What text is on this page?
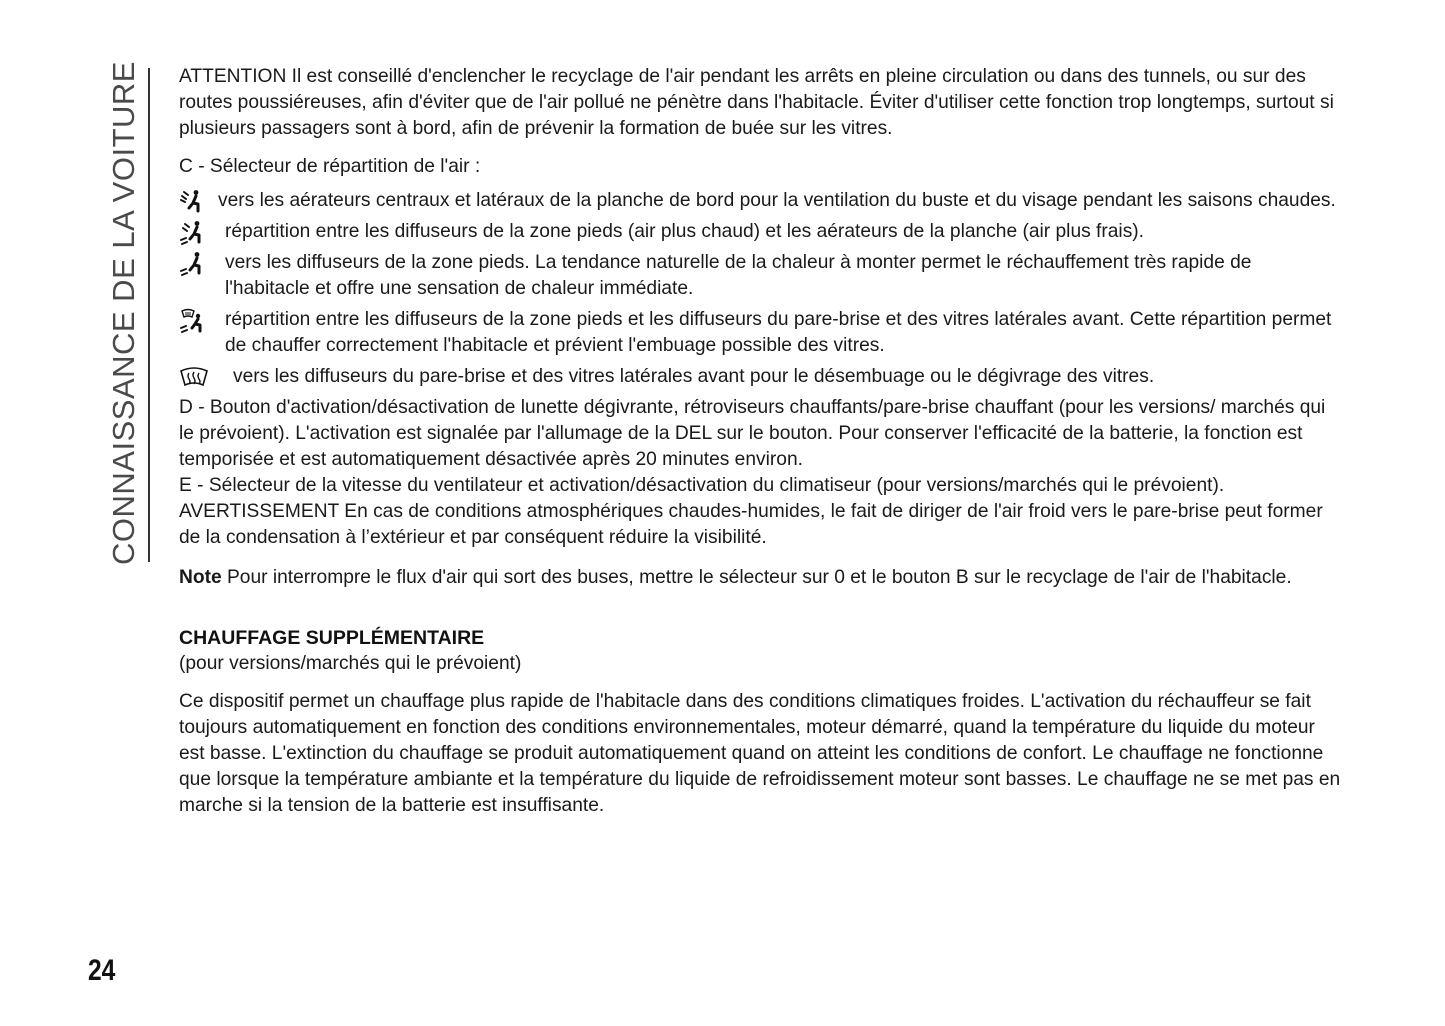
CONNAISSANCE DE LA VOITURE
24

ATTENTION Il est conseillé d'enclencher le recyclage de l'air pendant les arrêts en pleine circulation ou dans des tunnels, ou sur des routes poussiéreuses, afin d'éviter que de l'air pollué ne pénètre dans l'habitacle. Éviter d'utiliser cette fonction trop longtemps, surtout si plusieurs passagers sont à bord, afin de prévenir la formation de buée sur les vitres.

C - Sélecteur de répartition de l'air :

vers les aérateurs centraux et latéraux de la planche de bord pour la ventilation du buste et du visage pendant les saisons chaudes.
répartition entre les diffuseurs de la zone pieds (air plus chaud) et les aérateurs de la planche (air plus frais).
vers les diffuseurs de la zone pieds. La tendance naturelle de la chaleur à monter permet le réchauffement très rapide de l'habitacle et offre une sensation de chaleur immédiate.
répartition entre les diffuseurs de la zone pieds et les diffuseurs du pare-brise et des vitres latérales avant. Cette répartition permet de chauffer correctement l'habitacle et prévient l'embuage possible des vitres.
vers les diffuseurs du pare-brise et des vitres latérales avant pour le désembuage ou le dégivrage des vitres.

D - Bouton d'activation/désactivation de lunette dégivrante, rétroviseurs chauffants/pare-brise chauffant (pour les versions/ marchés qui le prévoient). L'activation est signalée par l'allumage de la DEL sur le bouton. Pour conserver l'efficacité de la batterie, la fonction est temporisée et est automatiquement désactivée après 20 minutes environ.

E - Sélecteur de la vitesse du ventilateur et activation/désactivation du climatiseur (pour versions/marchés qui le prévoient).

AVERTISSEMENT En cas de conditions atmosphériques chaudes-humides, le fait de diriger de l'air froid vers le pare-brise peut former de la condensation à l’extérieur et par conséquent réduire la visibilité.

Note Pour interrompre le flux d'air qui sort des buses, mettre le sélecteur sur 0 et le bouton B sur le recyclage de l'air de l'habitacle.

CHAUFFAGE SUPPLÉMENTAIRE

(pour versions/marchés qui le prévoient)

Ce dispositif permet un chauffage plus rapide de l'habitacle dans des conditions climatiques froides. L'activation du réchauffeur se fait toujours automatiquement en fonction des conditions environnementales, moteur démarré, quand la température du liquide du moteur est basse. L'extinction du chauffage se produit automatiquement quand on atteint les conditions de confort. Le chauffage ne fonctionne que lorsque la température ambiante et la température du liquide de refroidissement moteur sont basses. Le chauffage ne se met pas en marche si la tension de la batterie est insuffisante.
